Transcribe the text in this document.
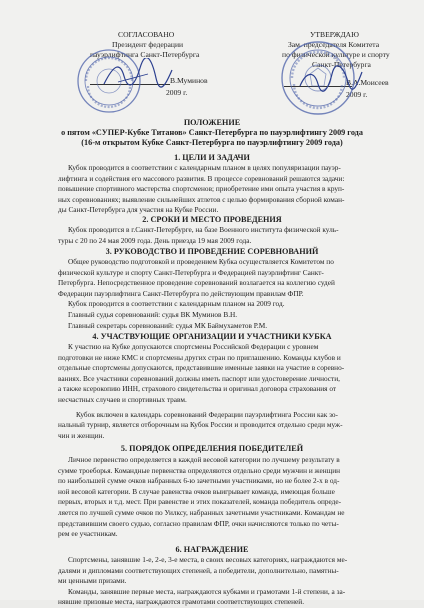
СОГЛАСОВАНО
Президент федерации
пауэрлифтинга Санкт-Петербурга
В.Муминов
2009 г.
УТВЕРЖДАЮ
Зам. председателя Комитета
по физической культуре и спорту
Санкт-Петербурга
В.А.Моисеев
2009 г.
ПОЛОЖЕНИЕ
о пятом «СУПЕР-Кубке Титанов» Санкт-Петербурга по пауэрлифтингу 2009 года
(16-м открытом Кубке Санкт-Петербурга по пауэрлифтингу 2009 года)
1. ЦЕЛИ И ЗАДАЧИ
Кубок проводится в соответствии с календарным планом в целях популяризации пауэр-
лифтинга и содействия его массового развития. В процессе соревнований решаются задачи:
повышение спортивного мастерства спортсменов; приобретение ими опыта участия в круп-
ных соревнованиях; выявление сильнейших атлетов с целью формирования сборной коман-
ды Санкт-Петербурга для участия на Кубке России.
2. СРОКИ И МЕСТО ПРОВЕДЕНИЯ
Кубок проводится в г.Санкт-Петербурге, на базе Военного института физической куль-
туры с 20 по 24 мая 2009 года. День приезда 19 мая 2009 года.
3. РУКОВОДСТВО И ПРОВЕДЕНИЕ СОРЕВНОВАНИЙ
Общее руководство подготовкой и проведением Кубка осуществляется Комитетом по
физической культуре и спорту Санкт-Петербурга и Федерацией пауэрлифтинг Санкт-
Петербурга. Непосредственное проведение соревнований возлагается на коллегию судей
Федерации пауэрлифтинга Санкт-Петербурга по действующим правилам ФПР.
Кубок проводится в соответствии с календарным планом на 2009 год.
Главный судья соревнований: судья ВК Муминов В.Н.
Главный секретарь соревнований: судья МК Баймухаметов Р.М.
4. УЧАСТВУЮЩИЕ ОРГАНИЗАЦИИ И УЧАСТНИКИ КУБКА
К участию на Кубке допускаются спортсмены Российской Федерации с уровнем
подготовки не ниже КМС и спортсмены других стран по приглашению. Команды клубов и
отдельные спортсмены допускаются, представившие именные заявки на участие в соревно-
ваниях. Все участники соревнований должны иметь паспорт или удостоверение личности,
а также ксерокопию ИНН, страхового свидетельства и оригинал договора страхования от
несчастных случаев и спортивных травм.
Кубок включен в календарь соревнований Федерации пауэрлифтинга России как зо-
нальный турнир, является отборочным на Кубок России и проводится отдельно среди муж-
чин и женщин.
5. ПОРЯДОК ОПРЕДЕЛЕНИЯ ПОБЕДИТЕЛЕЙ
Личное первенство определяется в каждой весовой категории по лучшему результату в
сумме троеборья. Командные первенства определяются отдельно среди мужчин и женщин
по наибольшей сумме очков набранных 6-ю зачетными участниками, но не более 2-х в од-
ной весовой категории. В случае равенства очков выигрывает команда, имеющая больше
первых, вторых и т.д. мест. При равенстве и этих показателей, команда победитель опреде-
ляется по лучшей сумме очков по Уилксу, набранных зачетными участниками. Командам не
представившим своего судью, согласно правилам ФПР, очки начисляются только по четы-
рем ее участникам.
6. НАГРАЖДЕНИЕ
Спортсмены, занявшие 1-е, 2-е, 3-е места, в своих весовых категориях, награждаются ме-
далями и дипломами соответствующих степеней, а победители, дополнительно, памятны-
ми ценными призами.
Команды, занявшие первые места, награждаются кубками и грамотами 1-й степени, а за-
нявшие призовые места, награждаются грамотами соответствующих степеней.
